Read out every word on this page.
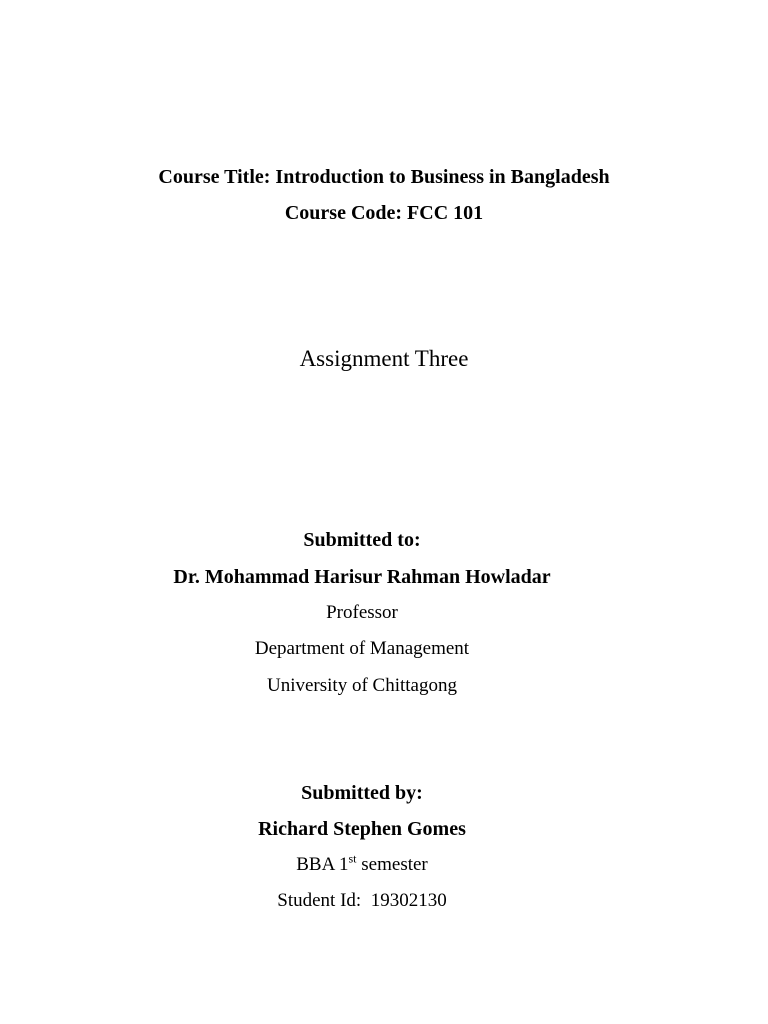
Course Title: Introduction to Business in Bangladesh
Course Code: FCC 101
Assignment Three
Submitted to:
Dr. Mohammad Harisur Rahman Howladar
Professor
Department of Management
University of Chittagong
Submitted by:
Richard Stephen Gomes
BBA 1st semester
Student Id:  19302130
